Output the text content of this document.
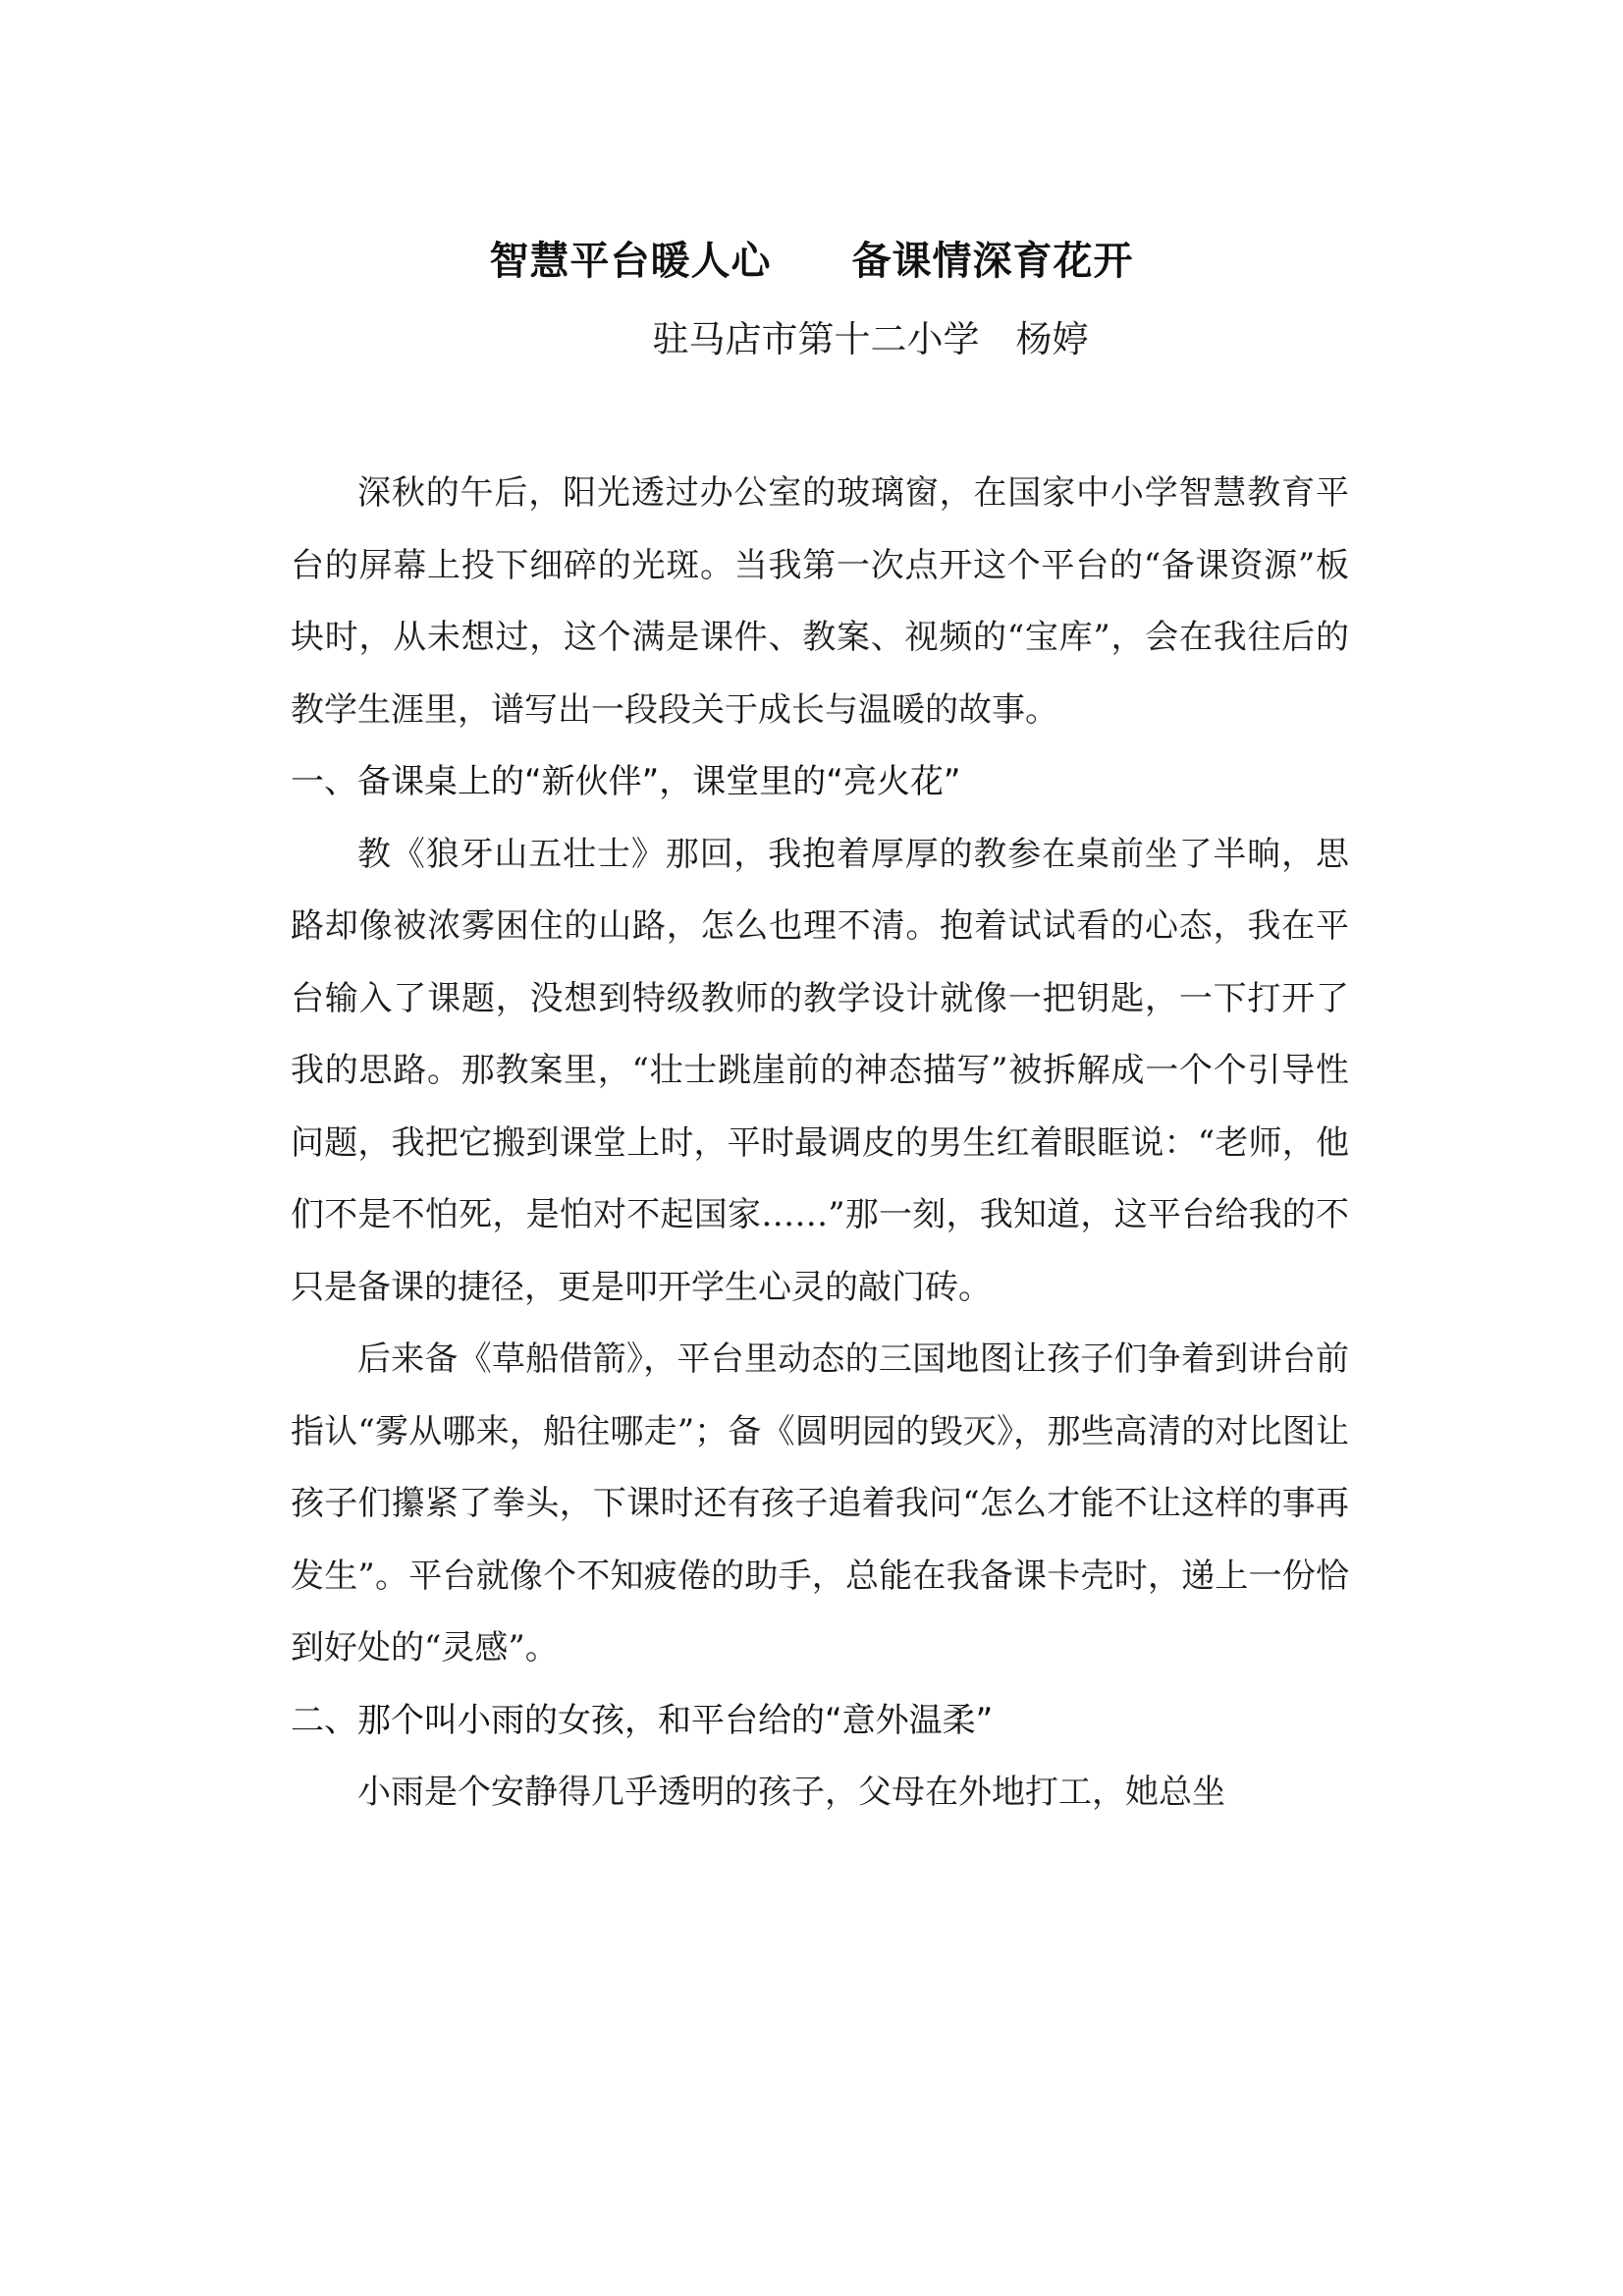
智慧平台暖人心　　备课情深育花开
驻马店市第十二小学　杨婷

深秋的午后，阳光透过办公室的玻璃窗，在国家中小学智慧教育平台的屏幕上投下细碎的光斑。当我第一次点开这个平台的“备课资源”板块时，从未想过，这个满是课件、教案、视频的“宝库”，会在我往后的教学生涯里，谱写出一段段关于成长与温暖的故事。

一、备课桌上的“新伙伴”，课堂里的“亮火花”

教《狼牙山五壮士》那回，我抱着厚厚的教参在桌前坐了半晌，思路却像被浓雾困住的山路，怎么也理不清。抱着试试看的心态，我在平台输入了课题，没想到特级教师的教学设计就像一把钥匙，一下打开了我的思路。那教案里，“壮士跳崖前的神态描写”被拆解成一个个引导性问题，我把它搬到课堂上时，平时最调皮的男生红着眼眶说：“老师，他们不是不怕死，是怕对不起国家……”那一刻，我知道，这平台给我的不只是备课的捷径，更是叩开学生心灵的敲门砖。

后来备《草船借箭》，平台里动态的三国地图让孩子们争着到讲台前指认“雾从哪来，船往哪走”；备《圆明园的毁灭》，那些高清的对比图让孩子们攥紧了拳头，下课时还有孩子追着我问“怎么才能不让这样的事再发生”。平台就像个不知疲倦的助手，总能在我备课卡壳时，递上一份恰到好处的“灵感”。

二、那个叫小雨的女孩，和平台给的“意外温柔”

小雨是个安静得几乎透明的孩子，父母在外地打工，她总坐
